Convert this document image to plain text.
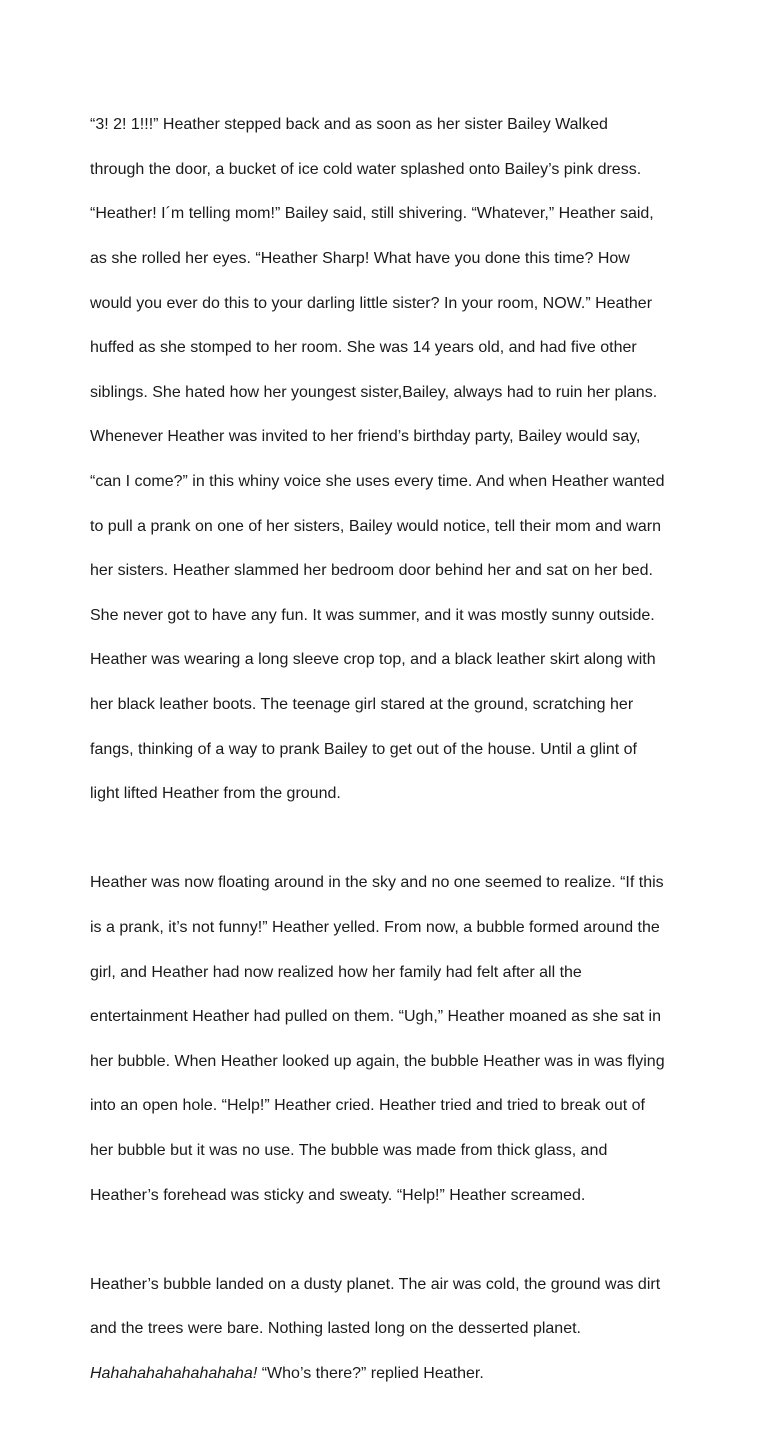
“3! 2! 1!!!” Heather stepped back and as soon as her sister Bailey Walked

through the door, a bucket of ice cold water splashed onto Bailey’s pink dress.

“Heather! I´m telling mom!” Bailey said, still shivering. “Whatever,” Heather said,

as she rolled her eyes. “Heather Sharp! What have you done this time? How

would you ever do this to your darling little sister? In your room, NOW.” Heather

huffed as she stomped to her room. She was 14 years old, and had five other

siblings. She hated how her youngest sister,Bailey, always had to ruin her plans.

Whenever Heather was invited to her friend’s birthday party, Bailey would say,

“can I come?” in this whiny voice she uses every time. And when Heather wanted

to pull a prank on one of her sisters, Bailey would notice, tell their mom and warn

her sisters. Heather slammed her bedroom door behind her and sat on her bed.

She never got to have any fun. It was summer, and it was mostly sunny outside.

Heather was wearing a long sleeve crop top, and a black leather skirt along with

her black leather boots. The teenage girl stared at the ground, scratching her

fangs, thinking of a way to prank Bailey to get out of the house. Until a glint of

light lifted Heather from the ground.

Heather was now floating around in the sky and no one seemed to realize. “If this

is a prank, it’s not funny!” Heather yelled. From now, a bubble formed around the

girl, and Heather had now realized how her family had felt after all the

entertainment Heather had pulled on them. “Ugh,” Heather moaned as she sat in

her bubble. When Heather looked up again, the bubble Heather was in was flying

into an open hole. “Help!” Heather cried. Heather tried and tried to break out of

her bubble but it was no use. The bubble was made from thick glass, and

Heather’s forehead was sticky and sweaty. “Help!” Heather screamed.

Heather’s bubble landed on a dusty planet. The air was cold, the ground was dirt

and the trees were bare. Nothing lasted long on the desserted planet.

Hahahahahahahahaha! “Who’s there?” replied Heather.
